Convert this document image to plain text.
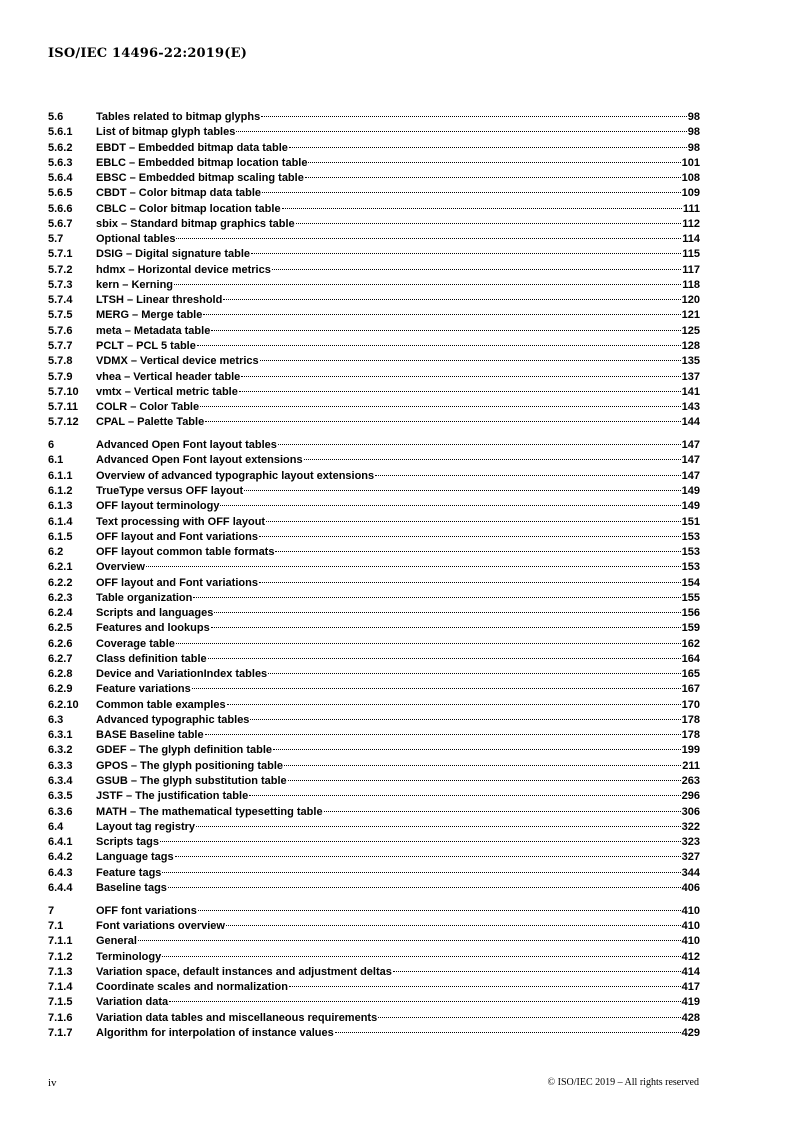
ISO/IEC 14496-22:2019(E)
5.6	Tables related to bitmap glyphs	98
5.6.1	List of bitmap glyph tables	98
5.6.2	EBDT – Embedded bitmap data table	98
5.6.3	EBLC – Embedded bitmap location table	101
5.6.4	EBSC – Embedded bitmap scaling table	108
5.6.5	CBDT – Color bitmap data table	109
5.6.6	CBLC – Color bitmap location table	111
5.6.7	sbix – Standard bitmap graphics table	112
5.7	Optional tables	114
5.7.1	DSIG – Digital signature table	115
5.7.2	hdmx – Horizontal device metrics	117
5.7.3	kern – Kerning	118
5.7.4	LTSH – Linear threshold	120
5.7.5	MERG – Merge table	121
5.7.6	meta – Metadata table	125
5.7.7	PCLT – PCL 5 table	128
5.7.8	VDMX – Vertical device metrics	135
5.7.9	vhea – Vertical header table	137
5.7.10	vmtx – Vertical metric table	141
5.7.11	COLR – Color Table	143
5.7.12	CPAL – Palette Table	144
6	Advanced Open Font layout tables	147
6.1	Advanced Open Font layout extensions	147
6.1.1	Overview of advanced typographic layout extensions	147
6.1.2	TrueType versus OFF layout	149
6.1.3	OFF layout terminology	149
6.1.4	Text processing with OFF layout	151
6.1.5	OFF layout and Font variations	153
6.2	OFF layout common table formats	153
6.2.1	Overview	153
6.2.2	OFF layout and Font variations	154
6.2.3	Table organization	155
6.2.4	Scripts and languages	156
6.2.5	Features and lookups	159
6.2.6	Coverage table	162
6.2.7	Class definition table	164
6.2.8	Device and VariationIndex tables	165
6.2.9	Feature variations	167
6.2.10	Common table examples	170
6.3	Advanced typographic tables	178
6.3.1	BASE Baseline table	178
6.3.2	GDEF – The glyph definition table	199
6.3.3	GPOS – The glyph positioning table	211
6.3.4	GSUB – The glyph substitution table	263
6.3.5	JSTF – The justification table	296
6.3.6	MATH – The mathematical typesetting table	306
6.4	Layout tag registry	322
6.4.1	Scripts tags	323
6.4.2	Language tags	327
6.4.3	Feature tags	344
6.4.4	Baseline tags	406
7	OFF font variations	410
7.1	Font variations overview	410
7.1.1	General	410
7.1.2	Terminology	412
7.1.3	Variation space, default instances and adjustment deltas	414
7.1.4	Coordinate scales and normalization	417
7.1.5	Variation data	419
7.1.6	Variation data tables and miscellaneous requirements	428
7.1.7	Algorithm for interpolation of instance values	429
iv	© ISO/IEC 2019 – All rights reserved
